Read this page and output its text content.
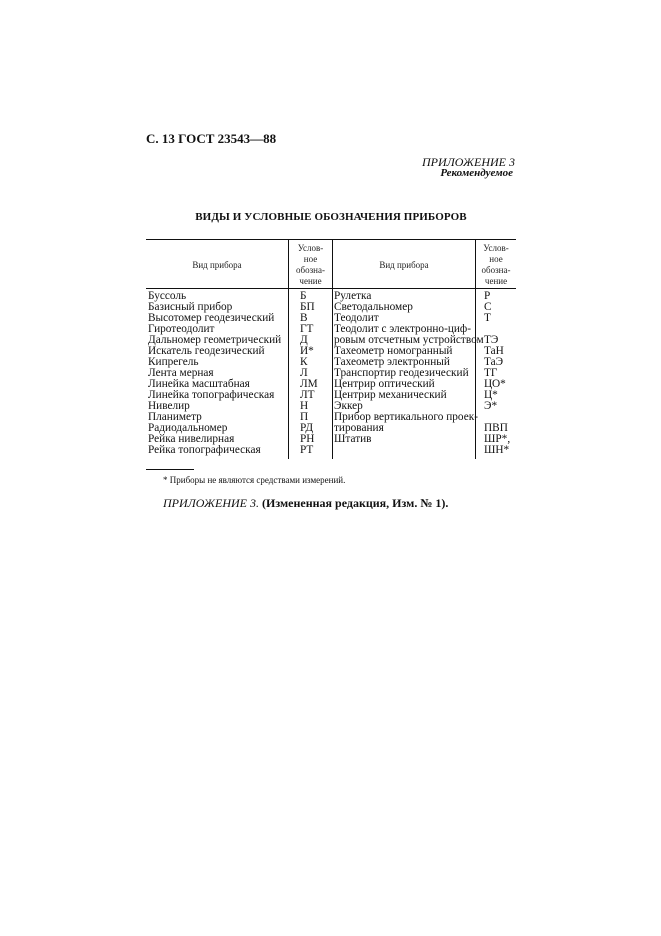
С. 13 ГОСТ 23543—88
ПРИЛОЖЕНИЕ 3
Рекомендуемое
ВИДЫ И УСЛОВНЫЕ ОБОЗНАЧЕНИЯ ПРИБОРОВ
Вид прибора
Услов-
ное
обозна-
чение
Вид прибора
Услов-
ное
обозна-
чение
Буссоль	Б Рулетка	Р
Базисный прибор	БП Светодальномер	С
Высотомер геодезический В Теодолит	Т
Гиротеодолит	ГТ Теодолит с электронно-циф-
Дальномер геометрический Д ровым отсчетным устройством ТЭ
Искатель геодезический	И* Тахеометр номогранный	ТаН
Кипрегель	К Тахеометр электронный	ТаЭ
Лента мерная	Л Транспортир геодезический ТГ
Линейка масштабная	ЛМ Центрир оптический	ЦО*
Линейка топографическая ЛТ Центрир механический	Ц*
Нивелир	Н Эккер	Э*
Планиметр	П Прибор вертикального проек-
Радиодальномер	РД тирования	ПВП
Рейка нивелирная	РН Штатив	ШР*,
Рейка топографическая	РТ	ШН*
* Приборы не являются средствами измерений.
ПРИЛОЖЕНИЕ 3. (Измененная редакция, Изм. № 1).
